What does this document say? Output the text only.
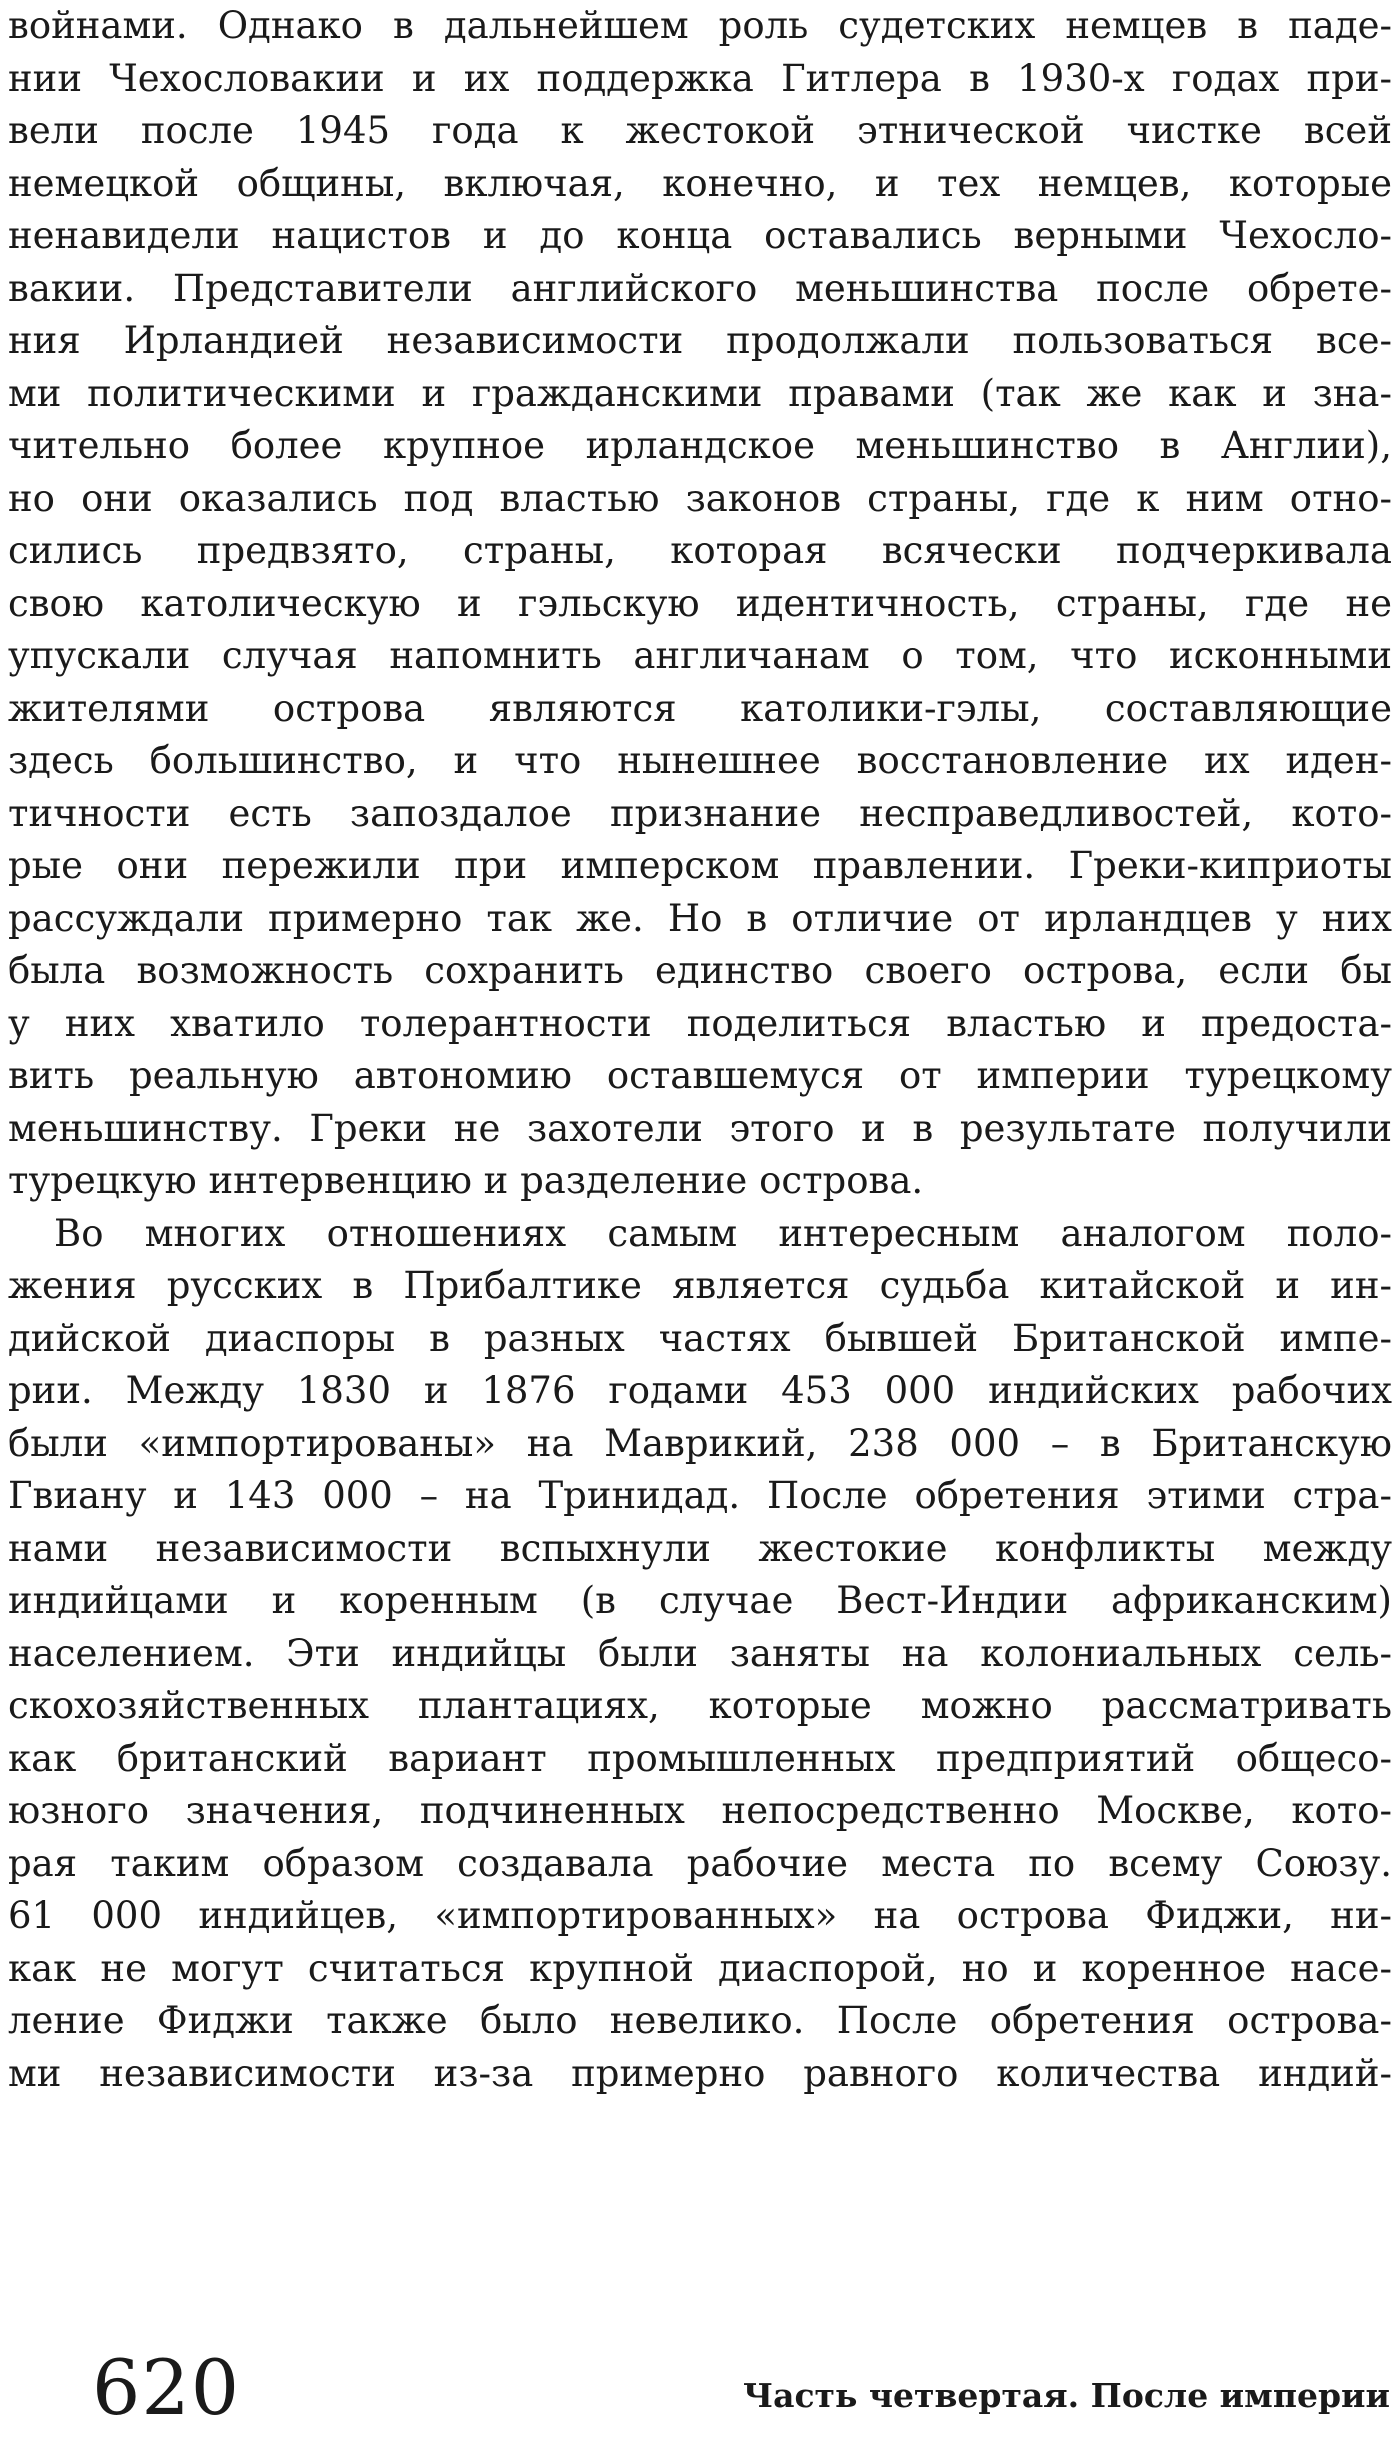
войнами. Однако в дальнейшем роль судетских немцев в паде-
нии Чехословакии и их поддержка Гитлера в 1930-х годах при-
вели после 1945 года к жестокой этнической чистке всей
немецкой общины, включая, конечно, и тех немцев, которые
ненавидели нацистов и до конца оставались верными Чехосло-
вакии. Представители английского меньшинства после обрете-
ния Ирландией независимости продолжали пользоваться все-
ми политическими и гражданскими правами (так же как и зна-
чительно более крупное ирландское меньшинство в Англии),
но они оказались под властью законов страны, где к ним отно-
сились предвзято, страны, которая всячески подчеркивала
свою католическую и гэльскую идентичность, страны, где не
упускали случая напомнить англичанам о том, что исконными
жителями острова являются католики-гэлы, составляющие
здесь большинство, и что нынешнее восстановление их иден-
тичности есть запоздалое признание несправедливостей, кото-
рые они пережили при имперском правлении. Греки-киприоты
рассуждали примерно так же. Но в отличие от ирландцев у них
была возможность сохранить единство своего острова, если бы
у них хватило толерантности поделиться властью и предоста-
вить реальную автономию оставшемуся от империи турецкому
меньшинству. Греки не захотели этого и в результате получили
турецкую интервенцию и разделение острова.
Во многих отношениях самым интересным аналогом поло-
жения русских в Прибалтике является судьба китайской и ин-
дийской диаспоры в разных частях бывшей Британской импе-
рии. Между 1830 и 1876 годами 453 000 индийских рабочих
были «импортированы» на Маврикий, 238 000 – в Британскую
Гвиану и 143 000 – на Тринидад. После обретения этими стра-
нами независимости вспыхнули жестокие конфликты между
индийцами и коренным (в случае Вест-Индии африканским)
населением. Эти индийцы были заняты на колониальных сель-
скохозяйственных плантациях, которые можно рассматривать
как британский вариант промышленных предприятий общесо-
юзного значения, подчиненных непосредственно Москве, кото-
рая таким образом создавала рабочие места по всему Союзу.
61 000 индийцев, «импортированных» на острова Фиджи, ни-
как не могут считаться крупной диаспорой, но и коренное насе-
ление Фиджи также было невелико. После обретения острова-
ми независимости из-за примерно равного количества индий-
620	Часть четвертая. После империи
